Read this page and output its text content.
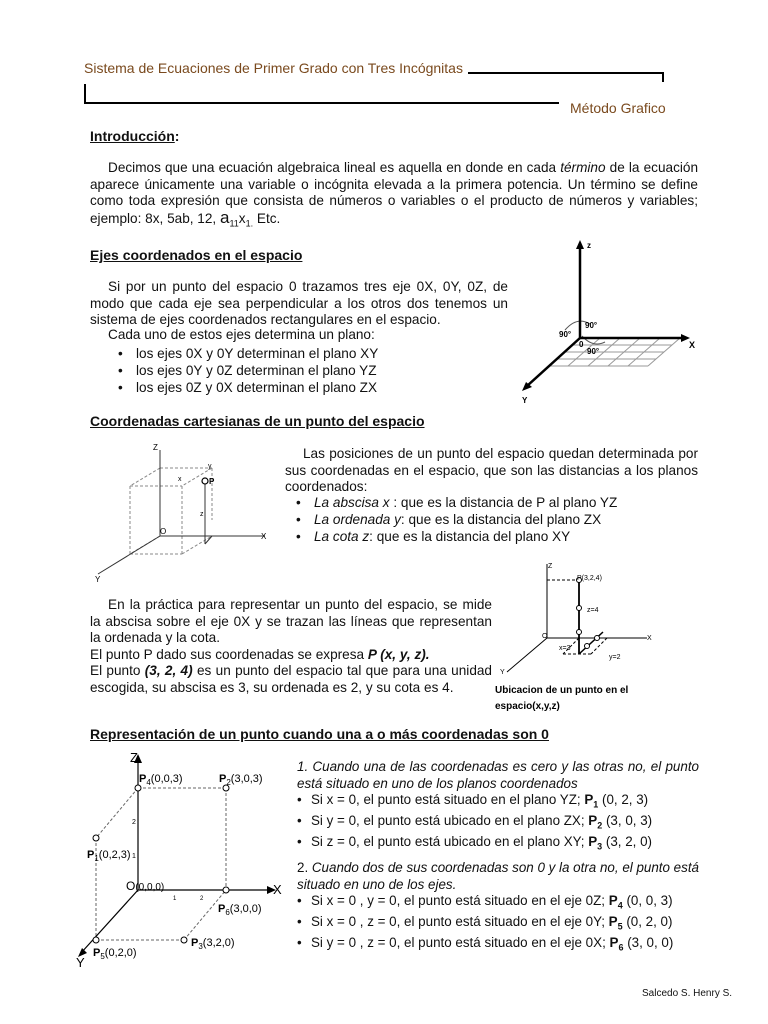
Sistema de Ecuaciones de Primer Grado con Tres Incógnitas
Método Grafico
Introducción:
Decimos que una ecuación algebraica lineal es aquella en donde en cada término de la ecuación aparece únicamente una variable o incógnita elevada a la primera potencia. Un término se define como toda expresión que consista de números o variables o el producto de números y variables; ejemplo: 8x, 5ab, 12, $a_{11}x_{1.}$ Etc.
Ejes coordenados en el espacio
Si por un punto del espacio 0 trazamos tres eje 0X, 0Y, 0Z, de modo que cada eje sea perpendicular a los otros dos tenemos un sistema de ejes coordenados rectangulares en el espacio.
Cada uno de estos ejes determina un plano:
• los ejes 0X y 0Y determinan el plano XY
• los ejes 0Y y 0Z determinan el plano YZ
• los ejes 0Z y 0X determinan el plano ZX
z
X
Y
0
90°
90°
90°
Coordenadas cartesianas de un punto del espacio
Z
X
Y
O
P
x
y
z
Las posiciones de un punto del espacio quedan determinada por sus coordenadas en el espacio, que son las distancias a los planos coordenados:
• La abscisa x : que es la distancia de P al plano YZ
• La ordenada y: que es la distancia del plano ZX
• La cota z: que es la distancia del plano XY
En la práctica para representar un punto del espacio, se mide la abscisa sobre el eje 0X y se trazan las líneas que representan la ordenada y la cota.
El punto P dado sus coordenadas se expresa P (x, y, z).
El punto (3, 2, 4) es un punto del espacio tal que para una unidad escogida, su abscisa es 3, su ordenada es 2, y su cota es 4.
Z
X
Y
O
P(3,2,4)
z=4
x=3
y=2
Ubicacion de un punto en el
espacio(x,y,z)
Representación de un punto cuando una a o más coordenadas son 0
Z
X
Y
O(0,0,0)
$P_4(0,0,3)$	$P_2(3,0,3)$
$P_1(0,2,3)$
$P_6(3,0,0)$
$P_3(3,2,0)$
$P_5(0,2,0)$
1
2
1	2
1. Cuando una de las coordenadas es cero y las otras no, el punto está situado en uno de los planos coordenados
• Si x = 0, el punto está situado en el plano YZ; $P_1$ (0, 2, 3)
• Si y = 0, el punto está ubicado en el plano ZX; $P_2$ (3, 0, 3)
• Si z = 0, el punto está ubicado en el plano XY; $P_3$ (3, 2, 0)
2. Cuando dos de sus coordenadas son 0 y la otra no, el punto está situado en uno de los ejes.
• Si x = 0 , y = 0, el punto está situado en el eje 0Z; $P_4$ (0, 0, 3)
• Si x = 0 , z = 0, el punto está situado en el eje 0Y; $P_5$ (0, 2, 0)
• Si y = 0 , z = 0, el punto está situado en el eje 0X; $P_6$ (3, 0, 0)
Salcedo S. Henry S.
